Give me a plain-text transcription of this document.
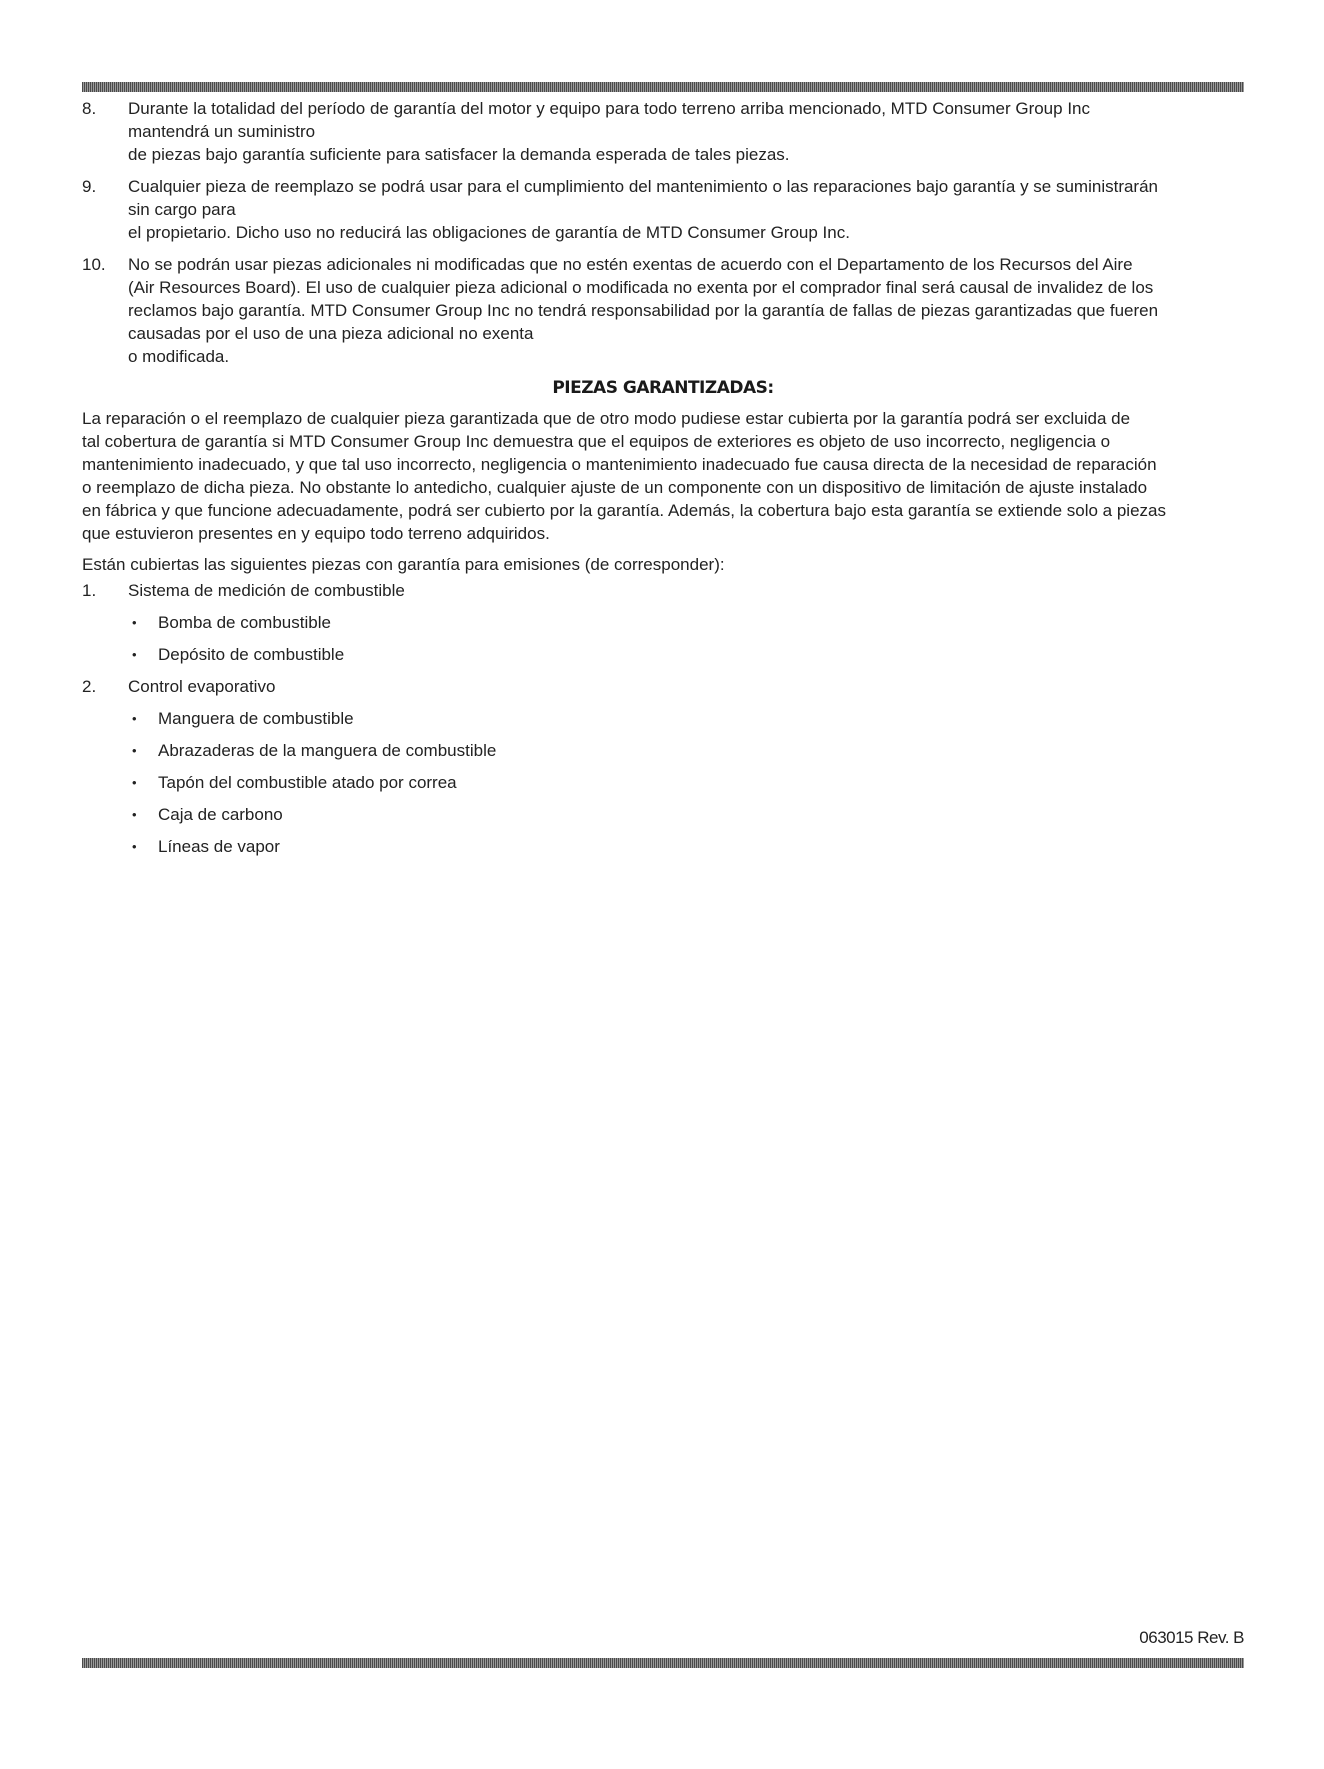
8. Durante la totalidad del período de garantía del motor y equipo para todo terreno arriba mencionado, MTD Consumer Group Inc
mantendrá un suministro
de piezas bajo garantía suficiente para satisfacer la demanda esperada de tales piezas.
9. Cualquier pieza de reemplazo se podrá usar para el cumplimiento del mantenimiento o las reparaciones bajo garantía y se suministrarán
sin cargo para
el propietario. Dicho uso no reducirá las obligaciones de garantía de MTD Consumer Group Inc.
10. No se podrán usar piezas adicionales ni modificadas que no estén exentas de acuerdo con el Departamento de los Recursos del Aire
(Air Resources Board). El uso de cualquier pieza adicional o modificada no exenta por el comprador final será causal de invalidez de los
reclamos bajo garantía. MTD Consumer Group Inc no tendrá responsabilidad por la garantía de fallas de piezas garantizadas que fueren
causadas por el uso de una pieza adicional no exenta
o modificada.
PIEZAS GARANTIZADAS:
La reparación o el reemplazo de cualquier pieza garantizada que de otro modo pudiese estar cubierta por la garantía podrá ser excluida de
tal cobertura de garantía si MTD Consumer Group Inc demuestra que el equipos de exteriores es objeto de uso incorrecto, negligencia o
mantenimiento inadecuado, y que tal uso incorrecto, negligencia o mantenimiento inadecuado fue causa directa de la necesidad de reparación
o reemplazo de dicha pieza. No obstante lo antedicho, cualquier ajuste de un componente con un dispositivo de limitación de ajuste instalado
en fábrica y que funcione adecuadamente, podrá ser cubierto por la garantía. Además, la cobertura bajo esta garantía se extiende solo a piezas
que estuvieron presentes en y equipo todo terreno adquiridos.
Están cubiertas las siguientes piezas con garantía para emisiones (de corresponder):
1. Sistema de medición de combustible
• Bomba de combustible
• Depósito de combustible
2. Control evaporativo
• Manguera de combustible
• Abrazaderas de la manguera de combustible
• Tapón del combustible atado por correa
• Caja de carbono
• Líneas de vapor
063015 Rev. B
